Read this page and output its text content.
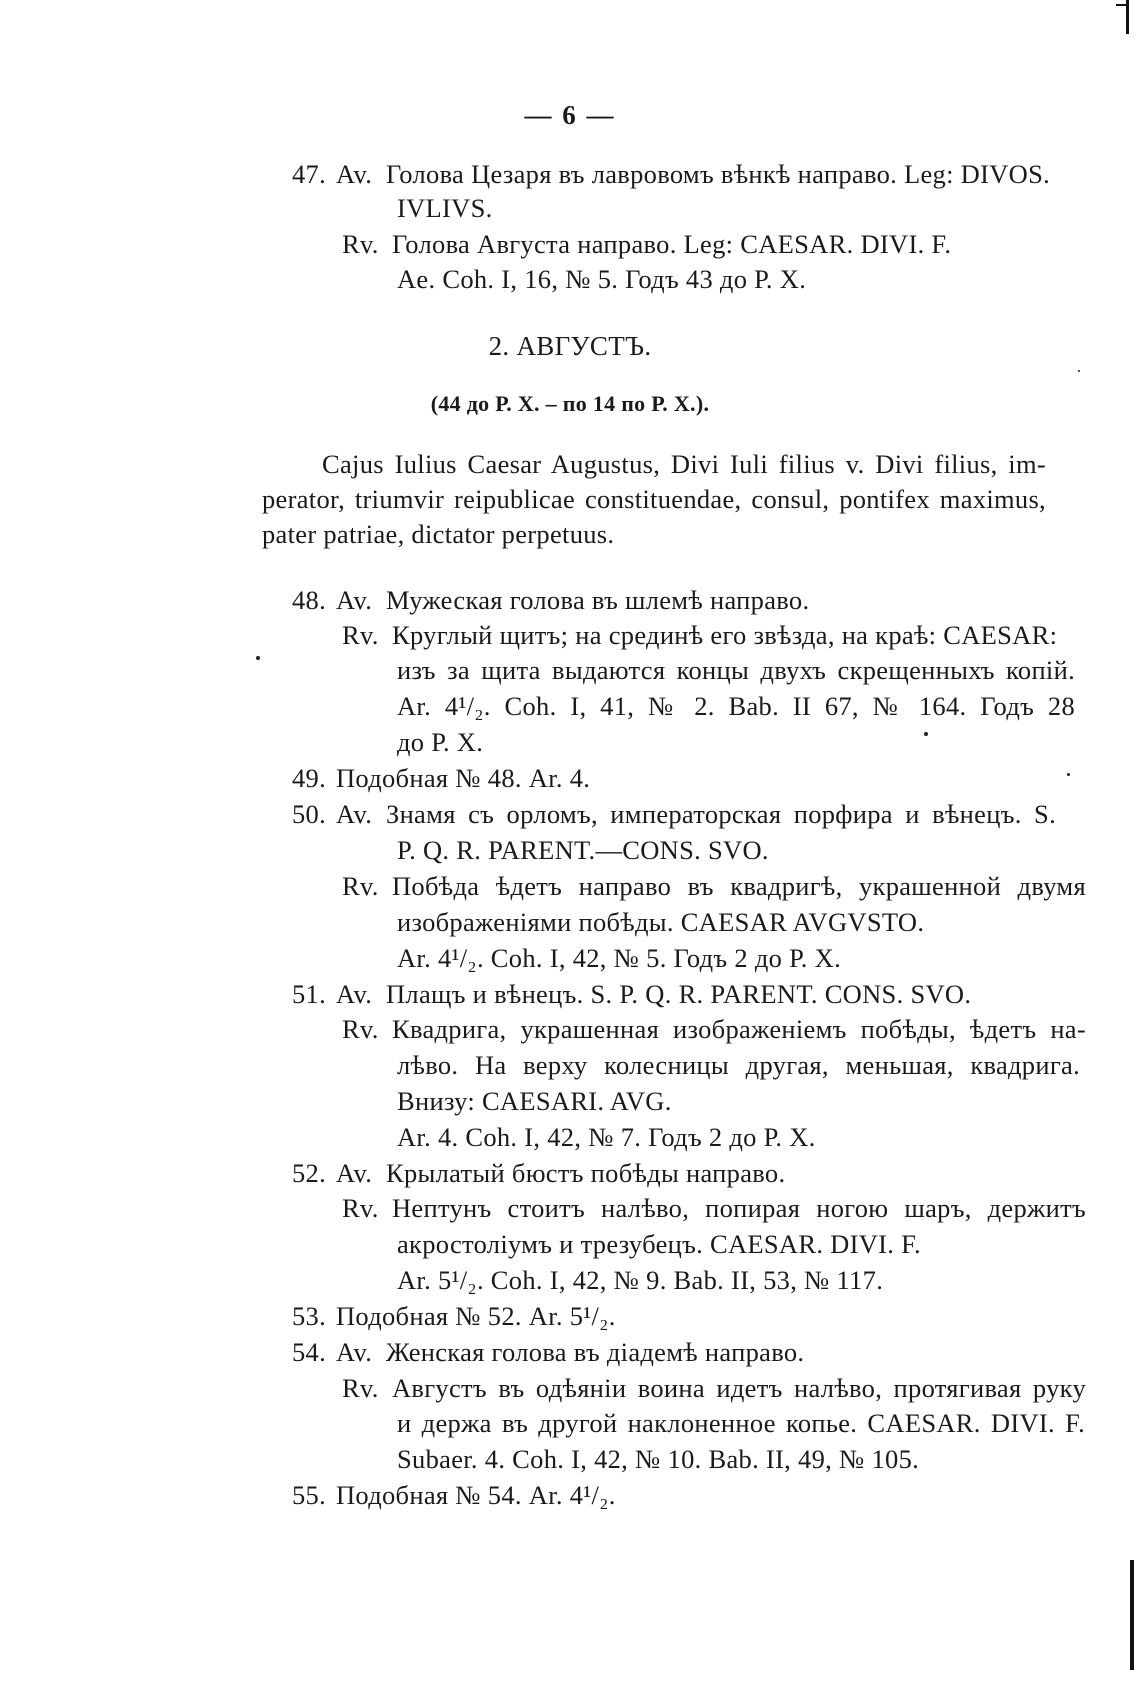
— 6 —
47. Av. Голова Цезаря въ лавровомъ вѣнкѣ направо. Leg: DIVOS.
IVLIVS.
Rv. Голова Августа направо. Leg: CAESAR. DIVI. F.
Ae. Coh. I, 16, № 5. Годъ 43 до Р. Х.
2. АВГУСТЪ.
(44 до Р. Х. – по 14 по Р. Х.).
Cajus Iulius Caesar Augustus, Divi Iuli filius v. Divi filius, im-
perator, triumvir reipublicae constituendae, consul, pontifex maximus,
pater patriae, dictator perpetuus.
48. Av. Мужеская голова въ шлемѣ направо.
Rv. Круглый щитъ; на срединѣ его звѣзда, на краѣ: CAESAR:
изъ за щита выдаются концы двухъ скрещенныхъ копій.
Ar. 4¹/₂. Coh. I, 41, № 2. Bab. II 67, № 164. Годъ 28
до Р. Х.
49. Подобная № 48. Ar. 4.
50. Av. Знамя съ орломъ, императорская порфира и вѣнецъ. S.
P. Q. R. PARENT.—CONS. SVO.
Rv. Побѣда ѣдетъ направо въ квадригѣ, украшенной двумя
изображеніями побѣды. CAESAR AVGVSTO.
Ar. 4¹/₂. Coh. I, 42, № 5. Годъ 2 до Р. Х.
51. Av. Плащъ и вѣнецъ. S. P. Q. R. PARENT. CONS. SVO.
Rv. Квадрига, украшенная изображеніемъ побѣды, ѣдетъ на-
лѣво. На верху колесницы другая, меньшая, квадрига.
Внизу: CAESARI. AVG.
Ar. 4. Coh. I, 42, № 7. Годъ 2 до Р. Х.
52. Av. Крылатый бюстъ побѣды направо.
Rv. Нептунъ стоитъ налѣво, попирая ногою шаръ, держитъ
акростоліумъ и трезубецъ. CAESAR. DIVI. F.
Ar. 5¹/₂. Coh. I, 42, № 9. Bab. II, 53, № 117.
53. Подобная № 52. Ar. 5¹/₂.
54. Av. Женская голова въ діадемѣ направо.
Rv. Августъ въ одѣяніи воина идетъ налѣво, протягивая руку
и держа въ другой наклоненное копье. CAESAR. DIVI. F.
Subaer. 4. Coh. I, 42, № 10. Bab. II, 49, № 105.
55. Подобная № 54. Ar. 4¹/₂.
